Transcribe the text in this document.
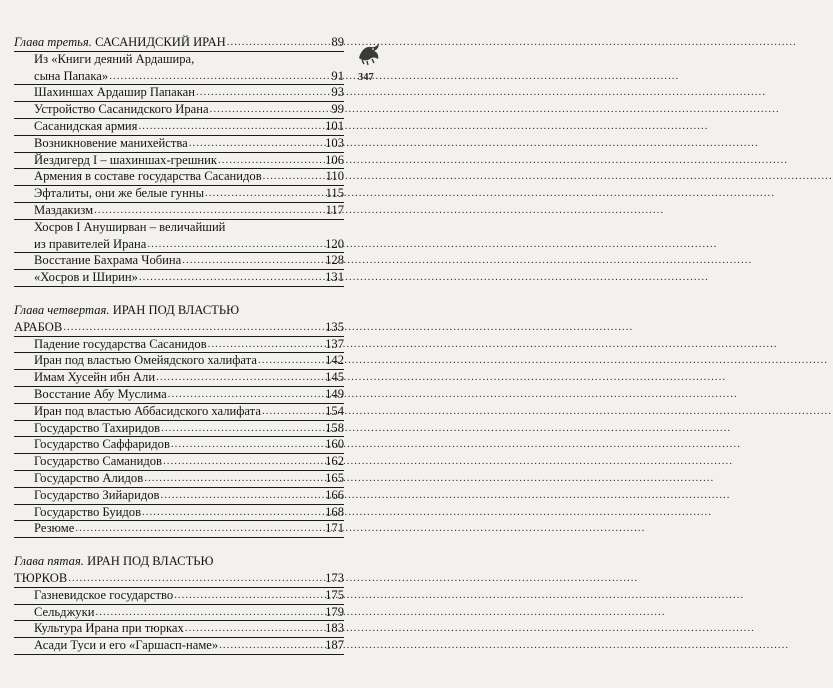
347
Глава третья. САСАНИДСКИЙ ИРАН .....	89
Из «Книги деяний Ардашира,
сына Папака» .....	91
Шахиншах Ардашир Папакан .....	93
Устройство Сасанидского Ирана .....	99
Сасанидская армия .....	101
Возникновение манихейства .....	103
Йездигерд I – шахиншах-грешник .....	106
Армения в составе государства Сасанидов .....	110
Эфталиты, они же белые гунны .....	115
Маздакизм .....	117
Хосров I Ануширван – величайший
из правителей Ирана .....	120
Восстание Бахрама Чобина .....	128
«Хосров и Ширин» .....	131
Глава четвертая. ИРАН ПОД ВЛАСТЬЮ
АРАБОВ .....	135
Падение государства Сасанидов .....	137
Иран под властью Омейядского халифата .....	142
Имам Хусейн ибн Али .....	145
Восстание Абу Муслима .....	149
Иран под властью Аббасидского халифата .....	154
Государство Тахиридов .....	158
Государство Саффаридов .....	160
Государство Саманидов .....	162
Государство Алидов .....	165
Государство Зийаридов .....	166
Государство Буидов .....	168
Резюме .....	171
Глава пятая. ИРАН ПОД ВЛАСТЬЮ
ТЮРКОВ .....	173
Газневидское государство .....	175
Сельджуки .....	179
Культура Ирана при тюрках .....	183
Асади Туси и его «Гаршасп-наме» .....	187
